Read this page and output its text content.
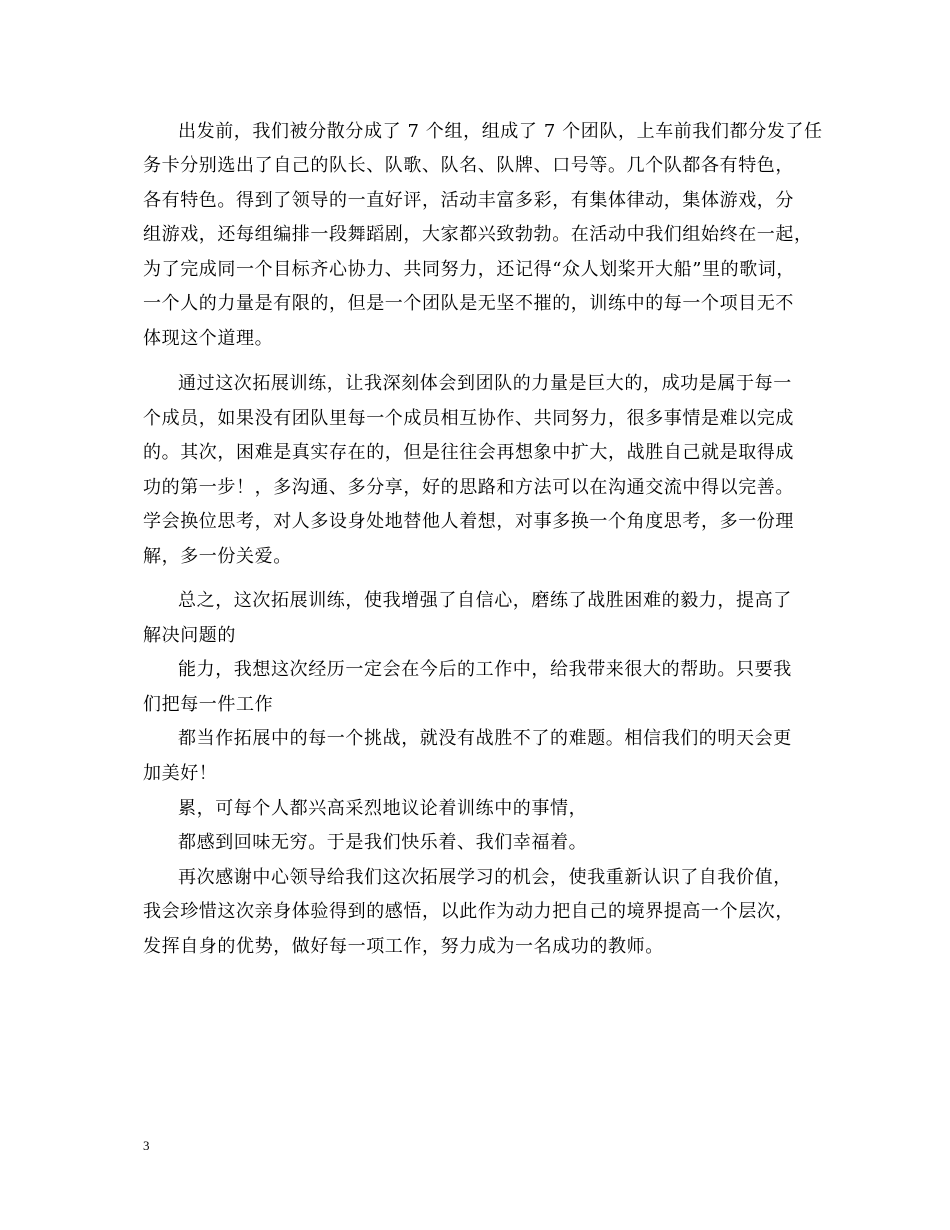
出发前，我们被分散分成了 7 个组，组成了 7 个团队，上车前我们都分发了任
务卡分别选出了自己的队长、队歌、队名、队牌、口号等。几个队都各有特色，
各有特色。得到了领导的一直好评，活动丰富多彩，有集体律动，集体游戏，分
组游戏，还每组编排一段舞蹈剧，大家都兴致勃勃。在活动中我们组始终在一起，
为了完成同一个目标齐心协力、共同努力，还记得“众人划桨开大船”里的歌词，
一个人的力量是有限的，但是一个团队是无坚不摧的，训练中的每一个项目无不
体现这个道理。
通过这次拓展训练，让我深刻体会到团队的力量是巨大的，成功是属于每一
个成员，如果没有团队里每一个成员相互协作、共同努力，很多事情是难以完成
的。其次，困难是真实存在的，但是往往会再想象中扩大，战胜自己就是取得成
功的第一步！，多沟通、多分享，好的思路和方法可以在沟通交流中得以完善。
学会换位思考，对人多设身处地替他人着想，对事多换一个角度思考，多一份理
解，多一份关爱。
总之，这次拓展训练，使我增强了自信心，磨练了战胜困难的毅力，提高了
解决问题的
能力，我想这次经历一定会在今后的工作中，给我带来很大的帮助。只要我
们把每一件工作
都当作拓展中的每一个挑战，就没有战胜不了的难题。相信我们的明天会更
加美好！
累，可每个人都兴高采烈地议论着训练中的事情，
都感到回味无穷。于是我们快乐着、我们幸福着。
再次感谢中心领导给我们这次拓展学习的机会，使我重新认识了自我价值，
我会珍惜这次亲身体验得到的感悟，以此作为动力把自己的境界提高一个层次，
发挥自身的优势，做好每一项工作，努力成为一名成功的教师。
3
